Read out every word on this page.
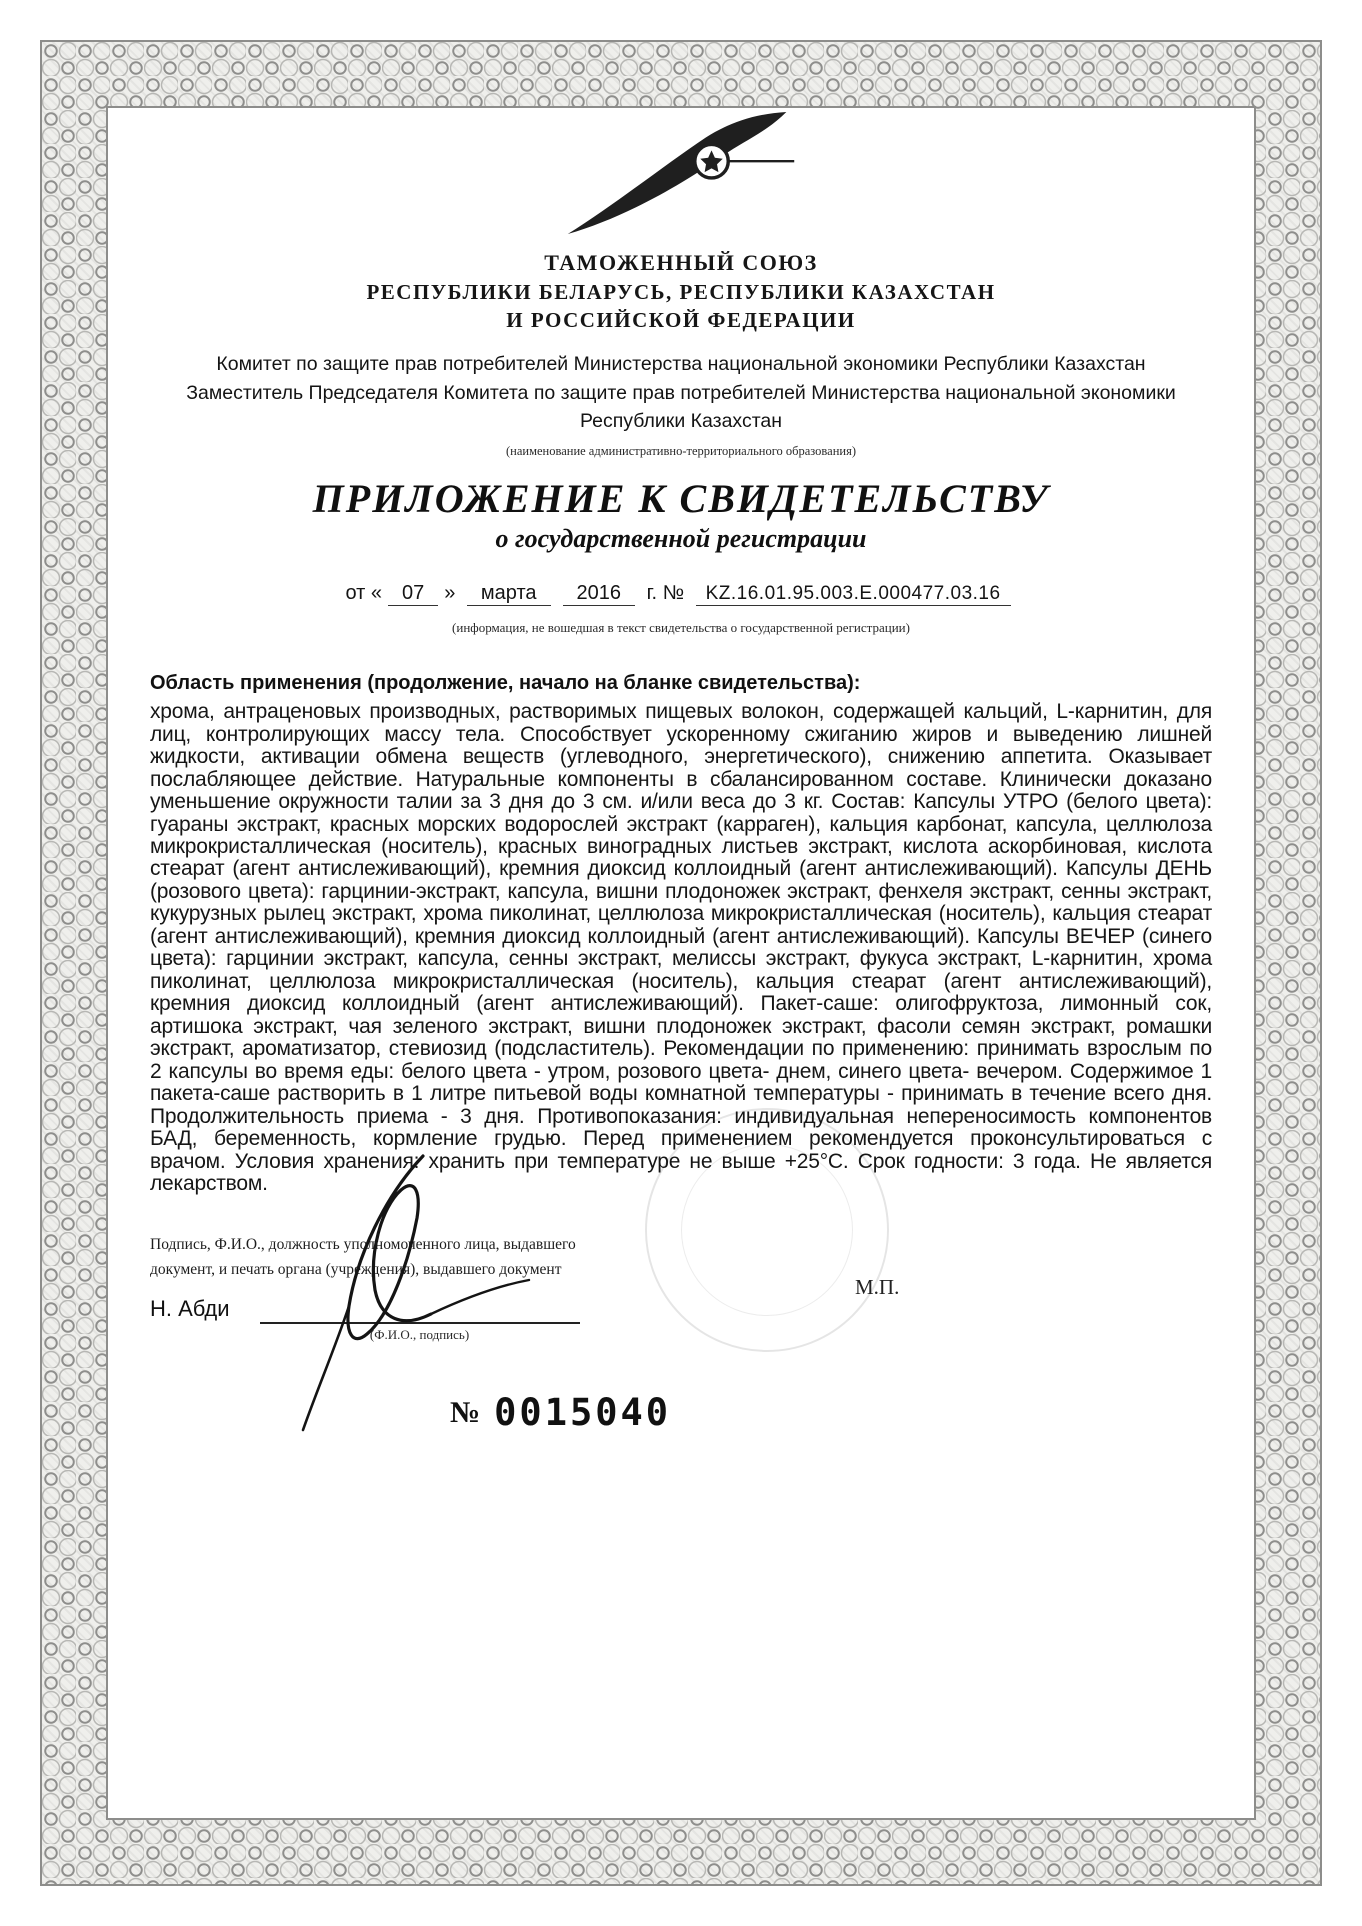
ТАМОЖЕННЫЙ СОЮЗ
РЕСПУБЛИКИ БЕЛАРУСЬ, РЕСПУБЛИКИ КАЗАХСТАН
И РОССИЙСКОЙ ФЕДЕРАЦИИ
Комитет по защите прав потребителей Министерства национальной экономики Республики Казахстан
Заместитель Председателя Комитета по защите прав потребителей Министерства национальной экономики Республики Казахстан
(наименование административно-территориального образования)
ПРИЛОЖЕНИЕ К СВИДЕТЕЛЬСТВУ
о государственной регистрации
от « 07 » марта 2016 г. № KZ.16.01.95.003.E.000477.03.16
(информация, не вошедшая в текст свидетельства о государственной регистрации)

Область применения (продолжение, начало на бланке свидетельства):

хрома, антраценовых производных, растворимых пищевых волокон, содержащей кальций, L-карнитин, для лиц, контролирующих массу тела. Способствует ускоренному сжиганию жиров и выведению лишней жидкости, активации обмена веществ (углеводного, энергетического), снижению аппетита. Оказывает послабляющее действие. Натуральные компоненты в сбалансированном составе. Клинически доказано уменьшение окружности талии за 3 дня до 3 см. и/или веса до 3 кг. Состав: Капсулы УТРО (белого цвета): гуараны экстракт, красных морских водорослей экстракт (карраген), кальция карбонат, капсула, целлюлоза микрокристаллическая (носитель), красных виноградных листьев экстракт, кислота аскорбиновая, кислота стеарат (агент антислеживающий), кремния диоксид коллоидный (агент антислеживающий). Капсулы ДЕНЬ (розового цвета): гарцинии-экстракт, капсула, вишни плодоножек экстракт, фенхеля экстракт, сенны экстракт, кукурузных рылец экстракт, хрома пиколинат, целлюлоза микрокристаллическая (носитель), кальция стеарат (агент антислеживающий), кремния диоксид коллоидный (агент антислеживающий). Капсулы ВЕЧЕР (синего цвета): гарцинии экстракт, капсула, сенны экстракт, мелиссы экстракт, фукуса экстракт, L-карнитин, хрома пиколинат, целлюлоза микрокристаллическая (носитель), кальция стеарат (агент антислеживающий), кремния диоксид коллоидный (агент антислеживающий). Пакет-саше: олигофруктоза, лимонный сок, артишока экстракт, чая зеленого экстракт, вишни плодоножек экстракт, фасоли семян экстракт, ромашки экстракт, ароматизатор, стевиозид (подсластитель). Рекомендации по применению: принимать взрослым по 2 капсулы во время еды: белого цвета - утром, розового цвета- днем, синего цвета- вечером. Содержимое 1 пакета-саше растворить в 1 литре питьевой воды комнатной температуры - принимать в течение всего дня. Продолжительность приема - 3 дня. Противопоказания: индивидуальная непереносимость компонентов БАД, беременность, кормление грудью. Перед применением рекомендуется проконсультироваться с врачом. Условия хранения: хранить при температуре не выше +25°С. Срок годности: 3 года. Не является лекарством.

Подпись, Ф.И.О., должность уполномоченного лица, выдавшего документ, и печать органа (учреждения), выдавшего документ
Н. Абди
(Ф.И.О., подпись)
М.П.
№ 0015040
